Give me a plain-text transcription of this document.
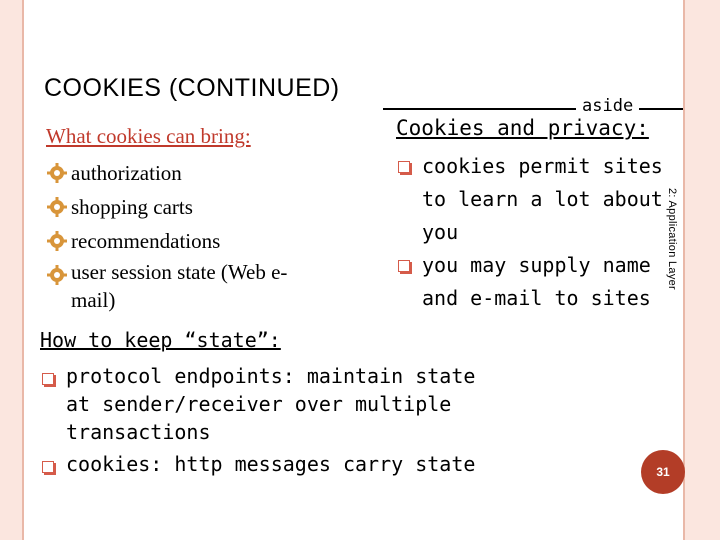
COOKIES (CONTINUED)
What cookies can bring:
authorization
shopping carts
recommendations
user session state (Web e-mail)
aside
Cookies and privacy:
cookies permit sites to learn a lot about you
you may supply name and e-mail to sites
How to keep “state”:
protocol endpoints: maintain state at sender/receiver over multiple transactions
cookies: http messages carry state
2: Application Layer
31
